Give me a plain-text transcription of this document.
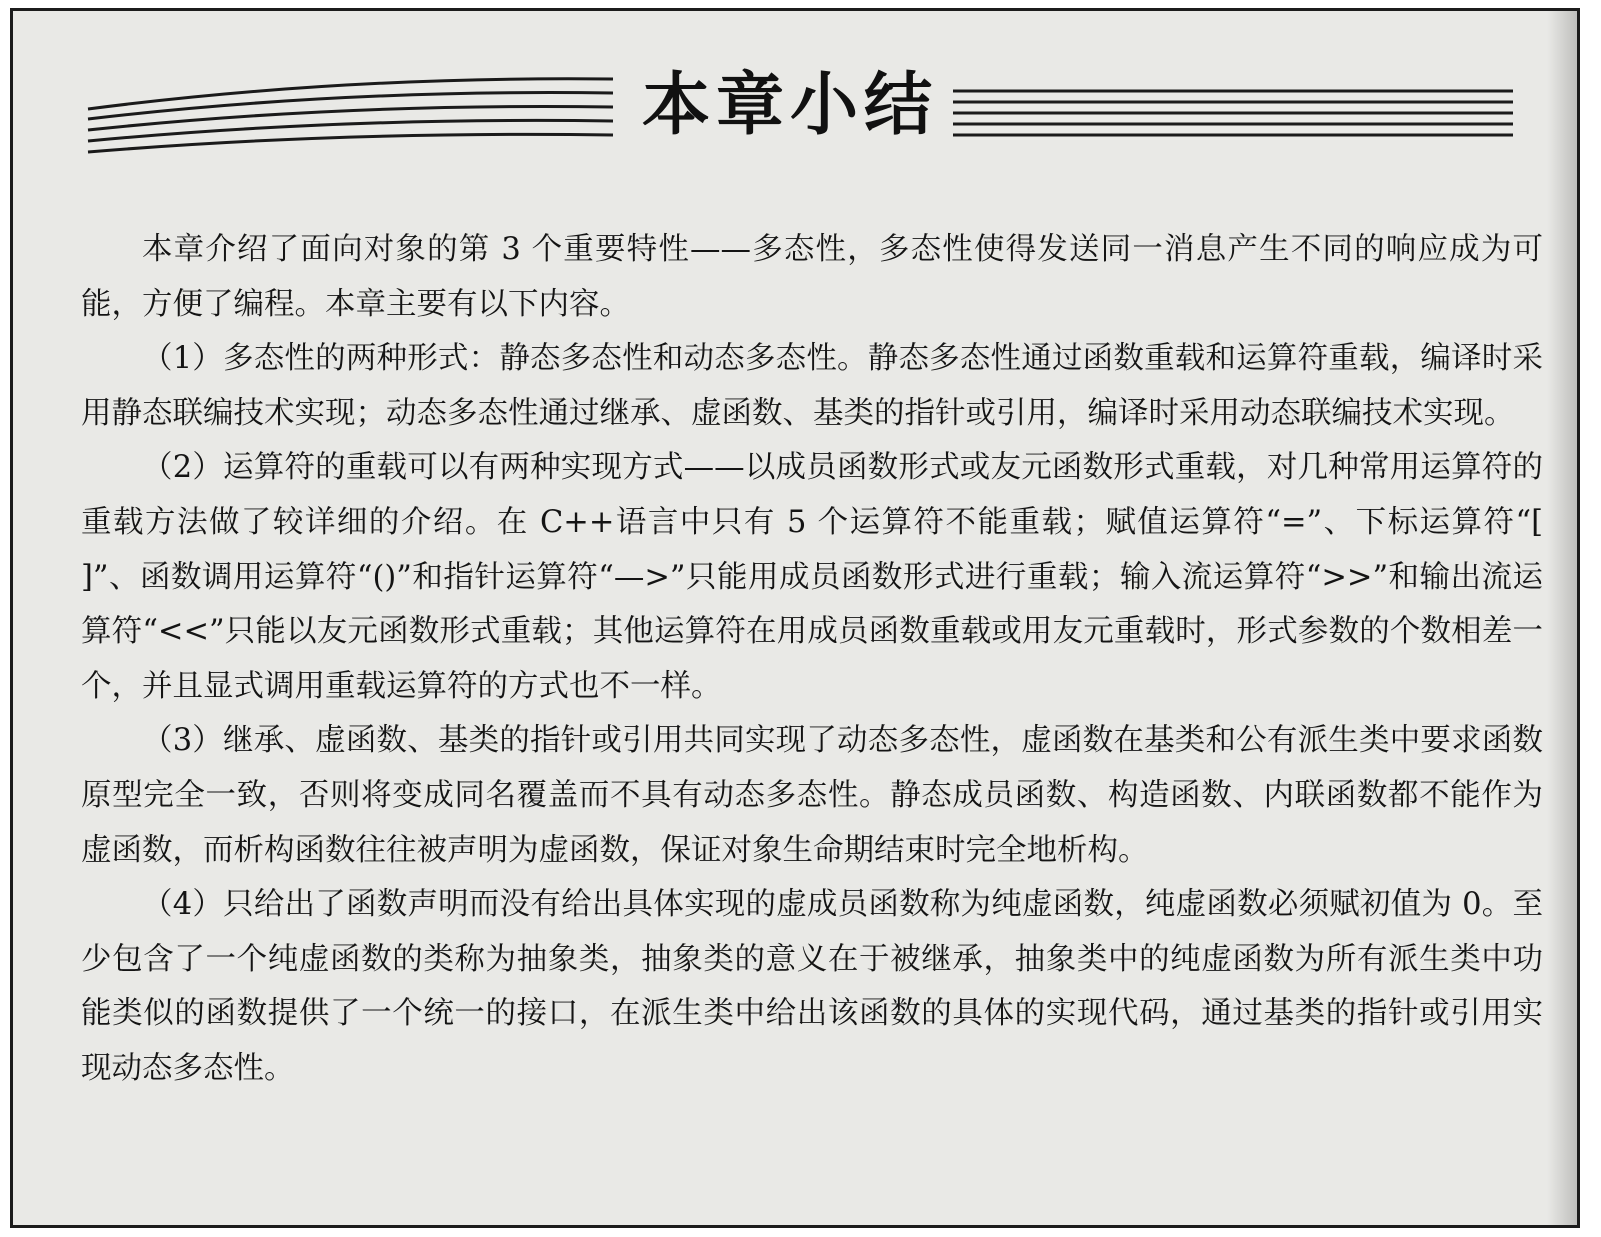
本章小结

本章介绍了面向对象的第 3 个重要特性——多态性，多态性使得发送同一消息产生不同的响应成为可能，方便了编程。本章主要有以下内容。

（1）多态性的两种形式：静态多态性和动态多态性。静态多态性通过函数重载和运算符重载，编译时采用静态联编技术实现；动态多态性通过继承、虚函数、基类的指针或引用，编译时采用动态联编技术实现。

（2）运算符的重载可以有两种实现方式——以成员函数形式或友元函数形式重载，对几种常用运算符的重载方法做了较详细的介绍。在 C++语言中只有 5 个运算符不能重载；赋值运算符“=”、下标运算符“[ ]”、函数调用运算符“()”和指针运算符“—>”只能用成员函数形式进行重载；输入流运算符“>>”和输出流运算符“<<”只能以友元函数形式重载；其他运算符在用成员函数重载或用友元重载时，形式参数的个数相差一个，并且显式调用重载运算符的方式也不一样。

（3）继承、虚函数、基类的指针或引用共同实现了动态多态性，虚函数在基类和公有派生类中要求函数原型完全一致，否则将变成同名覆盖而不具有动态多态性。静态成员函数、构造函数、内联函数都不能作为虚函数，而析构函数往往被声明为虚函数，保证对象生命期结束时完全地析构。

（4）只给出了函数声明而没有给出具体实现的虚成员函数称为纯虚函数，纯虚函数必须赋初值为 0。至少包含了一个纯虚函数的类称为抽象类，抽象类的意义在于被继承，抽象类中的纯虚函数为所有派生类中功能类似的函数提供了一个统一的接口，在派生类中给出该函数的具体的实现代码，通过基类的指针或引用实现动态多态性。
